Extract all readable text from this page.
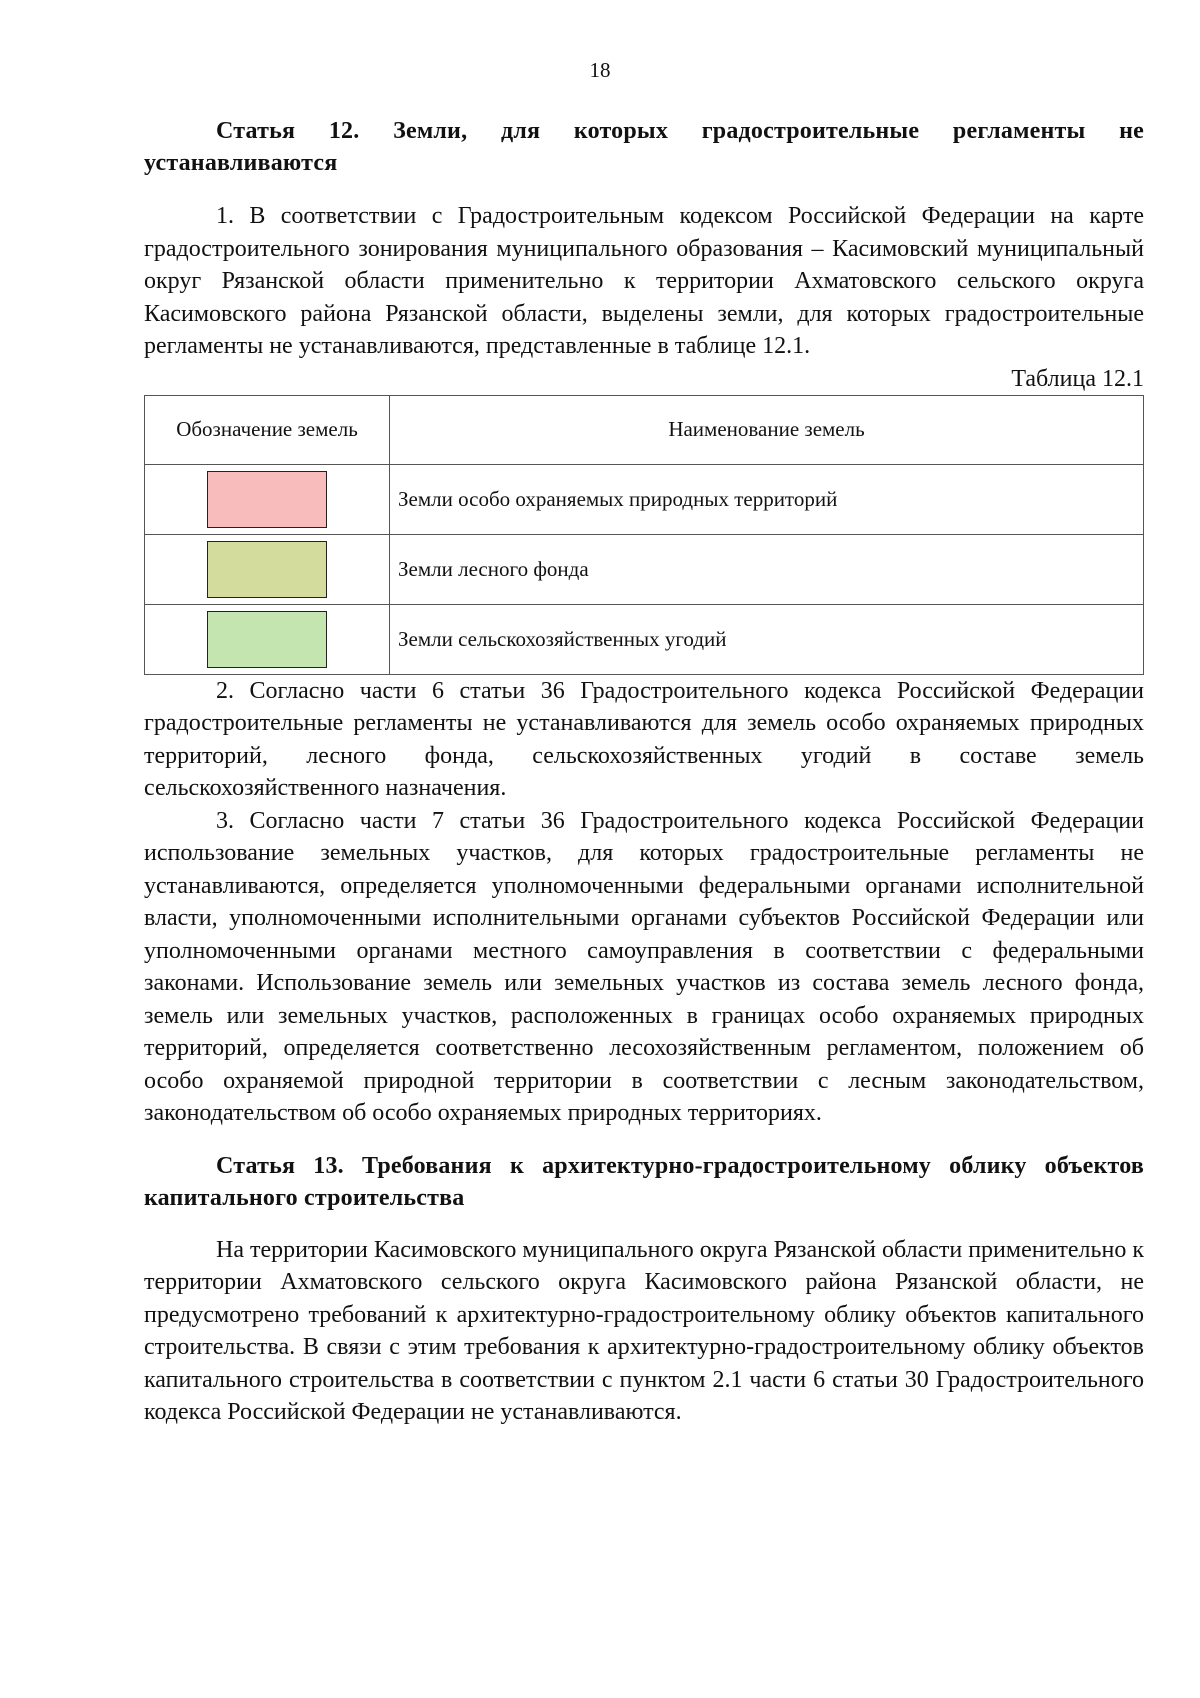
18

Статья 12. Земли, для которых градостроительные регламенты не устанавливаются

1. В соответствии с Градостроительным кодексом Российской Федерации на карте градостроительного зонирования муниципального образования – Касимовский муниципальный округ Рязанской области применительно к территории Ахматовского сельского округа Касимовского района Рязанской области, выделены земли, для которых градостроительные регламенты не устанавливаются, представленные в таблице 12.1.

Таблица 12.1

Обозначение земель	Наименование земель
	Земли особо охраняемых природных территорий
	Земли лесного фонда
	Земли сельскохозяйственных угодий

2. Согласно части 6 статьи 36 Градостроительного кодекса Российской Федерации градостроительные регламенты не устанавливаются для земель особо охраняемых природных территорий, лесного фонда, сельскохозяйственных угодий в составе земель сельскохозяйственного назначения.

3. Согласно части 7 статьи 36 Градостроительного кодекса Российской Федерации использование земельных участков, для которых градостроительные регламенты не устанавливаются, определяется уполномоченными федеральными органами исполнительной власти, уполномоченными исполнительными органами субъектов Российской Федерации или уполномоченными органами местного самоуправления в соответствии с федеральными законами. Использование земель или земельных участков из состава земель лесного фонда, земель или земельных участков, расположенных в границах особо охраняемых природных территорий, определяется соответственно лесохозяйственным регламентом, положением об особо охраняемой природной территории в соответствии с лесным законодательством, законодательством об особо охраняемых природных территориях.

Статья 13. Требования к архитектурно-градостроительному облику объектов капитального строительства

На территории Касимовского муниципального округа Рязанской области применительно к территории Ахматовского сельского округа Касимовского района Рязанской области, не предусмотрено требований к архитектурно-градостроительному облику объектов капитального строительства. В связи с этим требования к архитектурно-градостроительному облику объектов капитального строительства в соответствии с пунктом 2.1 части 6 статьи 30 Градостроительного кодекса Российской Федерации не устанавливаются.
